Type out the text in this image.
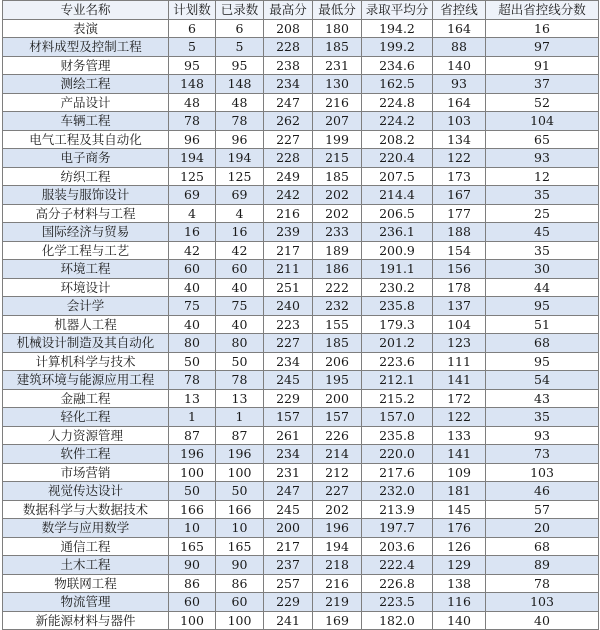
专业名称	计划数	已录数	最高分	最低分	录取平均分	省控线	超出省控线分数
表演	6	6	208	180	194.2	164	16
材料成型及控制工程	5	5	228	185	199.2	88	97
财务管理	95	95	238	231	234.6	140	91
测绘工程	148	148	234	130	162.5	93	37
产品设计	48	48	247	216	224.8	164	52
车辆工程	78	78	262	207	224.2	103	104
电气工程及其自动化	96	96	227	199	208.2	134	65
电子商务	194	194	228	215	220.4	122	93
纺织工程	125	125	249	185	207.5	173	12
服装与服饰设计	69	69	242	202	214.4	167	35
高分子材料与工程	4	4	216	202	206.5	177	25
国际经济与贸易	16	16	239	233	236.1	188	45
化学工程与工艺	42	42	217	189	200.9	154	35
环境工程	60	60	211	186	191.1	156	30
环境设计	40	40	251	222	230.2	178	44
会计学	75	75	240	232	235.8	137	95
机器人工程	40	40	223	155	179.3	104	51
机械设计制造及其自动化	80	80	227	185	201.2	123	68
计算机科学与技术	50	50	234	206	223.6	111	95
建筑环境与能源应用工程	78	78	245	195	212.1	141	54
金融工程	13	13	229	200	215.2	172	43
轻化工程	1	1	157	157	157.0	122	35
人力资源管理	87	87	261	226	235.8	133	93
软件工程	196	196	234	214	220.0	141	73
市场营销	100	100	231	212	217.6	109	103
视觉传达设计	50	50	247	227	232.0	181	46
数据科学与大数据技术	166	166	245	202	213.9	145	57
数学与应用数学	10	10	200	196	197.7	176	20
通信工程	165	165	217	194	203.6	126	68
土木工程	90	90	237	218	222.4	129	89
物联网工程	86	86	257	216	226.8	138	78
物流管理	60	60	229	219	223.5	116	103
新能源材料与器件	100	100	241	169	182.0	140	40
